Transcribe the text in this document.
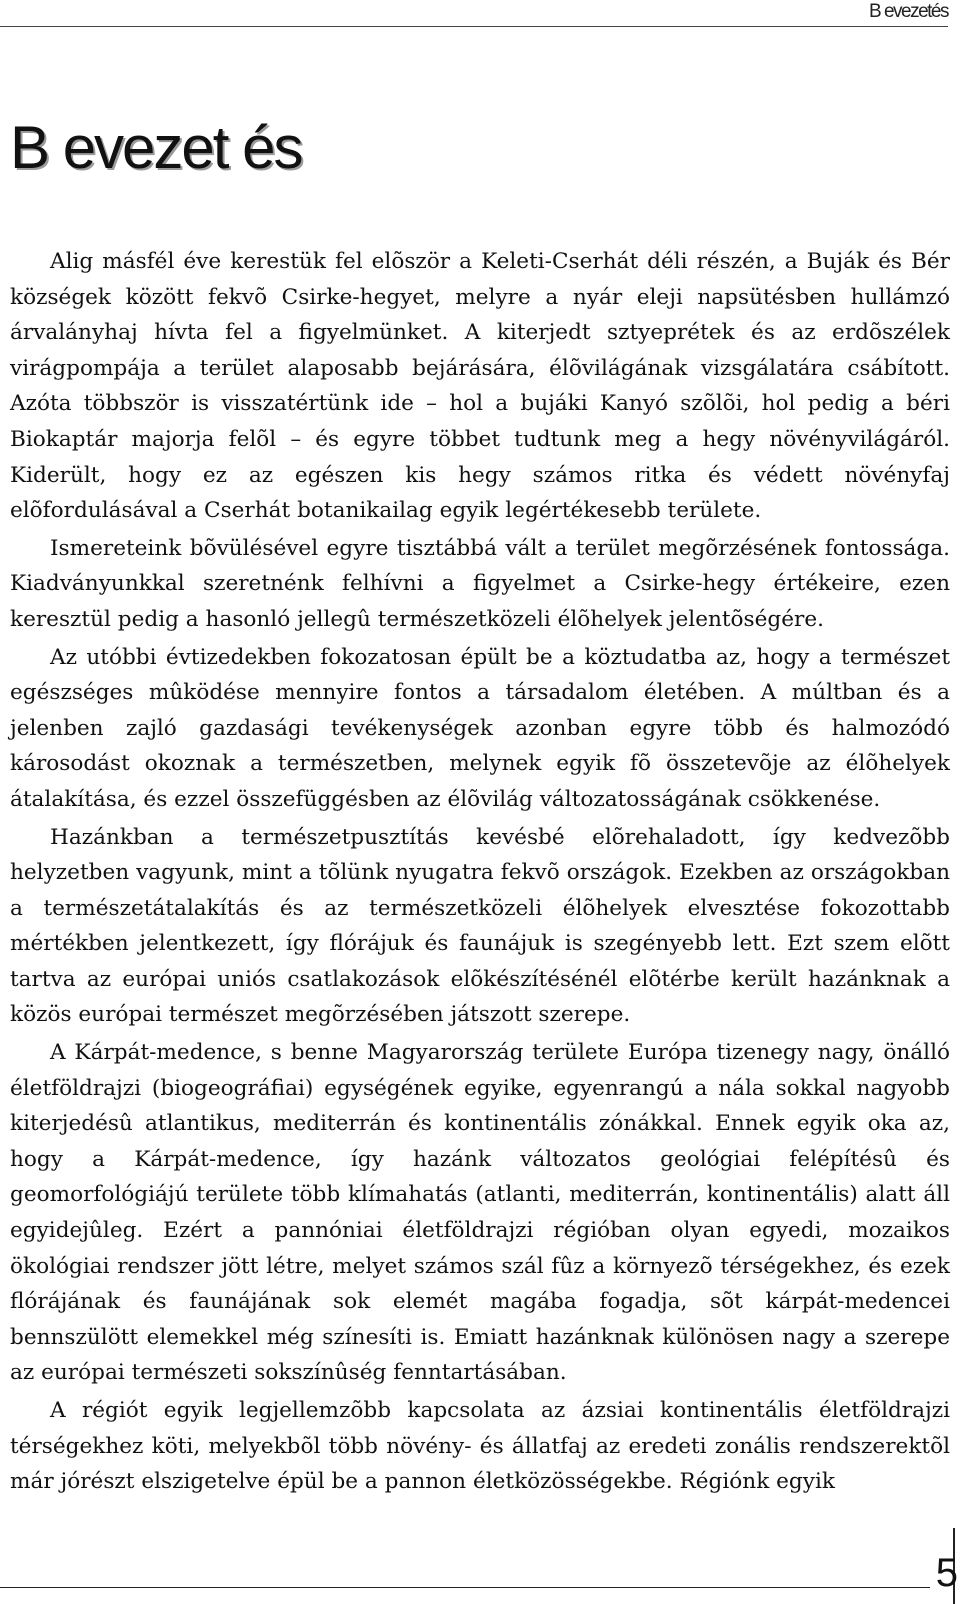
B evezetés
B evezet és

Alig másfél éve kerestük fel elõször a Keleti-Cserhát déli részén, a Buják és Bér községek között fekvõ Csirke-hegyet, melyre a nyár eleji napsütésben hullámzó árvalányhaj hívta fel a figyelmünket. A kiterjedt sztyeprétek és az erdõszélek virágpompája a terület alaposabb bejárására, élõvilágának vizsgálatára csábított. Azóta többször is visszatértünk ide – hol a bujáki Kanyó szõlõi, hol pedig a béri Biokaptár majorja felõl – és egyre többet tudtunk meg a hegy növényvilágáról. Kiderült, hogy ez az egészen kis hegy számos ritka és védett növényfaj elõfordulásával a Cserhát botanikailag egyik legértékesebb területe.

Ismereteink bõvülésével egyre tisztábbá vált a terület megõrzésének fontossága. Kiadványunkkal szeretnénk felhívni a figyelmet a Csirke-hegy értékeire, ezen keresztül pedig a hasonló jellegû természetközeli élõhelyek jelentõségére.

Az utóbbi évtizedekben fokozatosan épült be a köztudatba az, hogy a természet egészséges mûködése mennyire fontos a társadalom életében. A múltban és a jelenben zajló gazdasági tevékenységek azonban egyre több és halmozódó károsodást okoznak a természetben, melynek egyik fõ összetevõje az élõhelyek átalakítása, és ezzel összefüggésben az élõvilág változatosságának csökkenése.

Hazánkban a természetpusztítás kevésbé elõrehaladott, így kedvezõbb helyzetben vagyunk, mint a tõlünk nyugatra fekvõ országok. Ezekben az országokban a természetátalakítás és az természetközeli élõhelyek elvesztése fokozottabb mértékben jelentkezett, így flórájuk és faunájuk is szegényebb lett. Ezt szem elõtt tartva az európai uniós csatlakozások elõkészítésénél elõtérbe került hazánknak a közös európai természet megõrzésében játszott szerepe.

A Kárpát-medence, s benne Magyarország területe Európa tizenegy nagy, önálló életföldrajzi (biogeográfiai) egységének egyike, egyenrangú a nála sokkal nagyobb kiterjedésû atlantikus, mediterrán és kontinentális zónákkal. Ennek egyik oka az, hogy a Kárpát-medence, így hazánk változatos geológiai felépítésû és geomorfológiájú területe több klímahatás (atlanti, mediterrán, kontinentális) alatt áll egyidejûleg. Ezért a pannóniai életföldrajzi régióban olyan egyedi, mozaikos ökológiai rendszer jött létre, melyet számos szál fûz a környezõ térségekhez, és ezek flórájának és faunájának sok elemét magába fogadja, sõt kárpát-medencei bennszülött elemekkel még színesíti is. Emiatt hazánknak különösen nagy a szerepe az európai természeti sokszínûség fenntartásában.

A régiót egyik legjellemzõbb kapcsolata az ázsiai kontinentális életföldrajzi térségekhez köti, melyekbõl több növény- és állatfaj az eredeti zonális rendszerektõl már jórészt elszigetelve épül be a pannon életközösségekbe. Régiónk egyik

5
